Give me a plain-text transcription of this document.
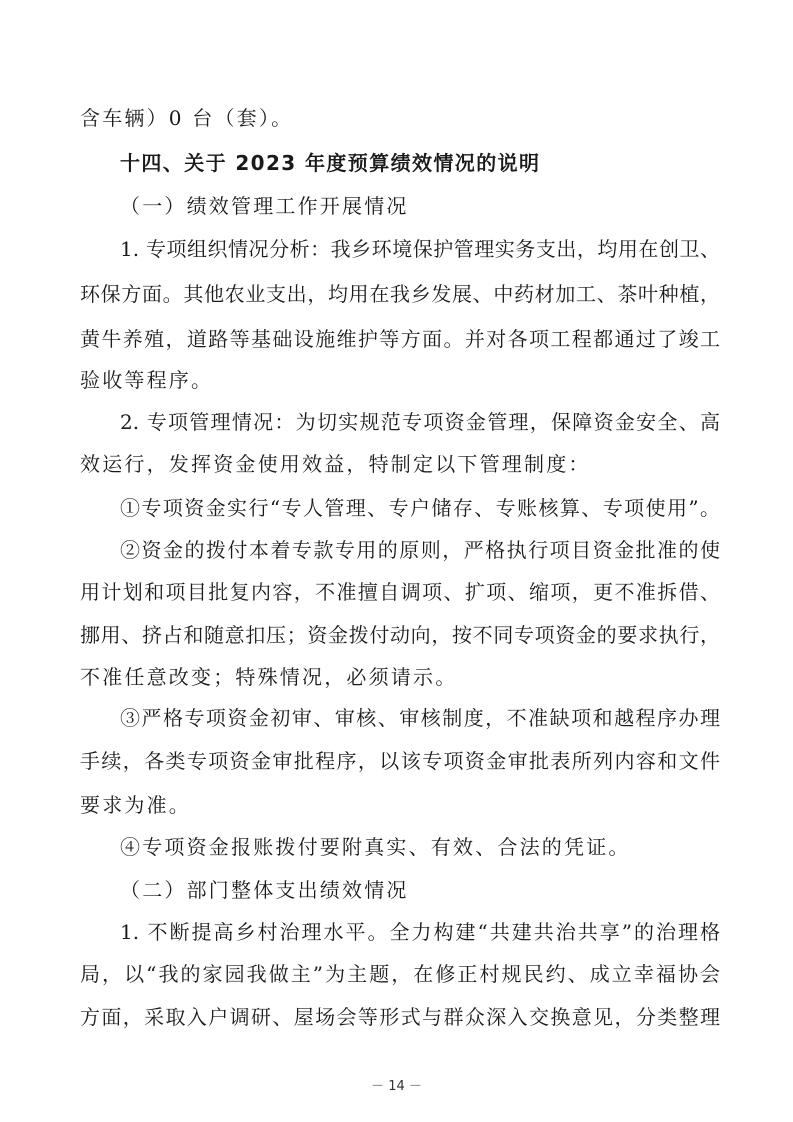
含车辆）0 台（套）。
十四、关于 2023 年度预算绩效情况的说明
（一）绩效管理工作开展情况
1. 专项组织情况分析：我乡环境保护管理实务支出，均用在创卫、
环保方面。其他农业支出，均用在我乡发展、中药材加工、茶叶种植，
黄牛养殖，道路等基础设施维护等方面。并对各项工程都通过了竣工
验收等程序。
2. 专项管理情况：为切实规范专项资金管理，保障资金安全、高
效运行，发挥资金使用效益，特制定以下管理制度：
①专项资金实行“专人管理、专户储存、专账核算、专项使用”。
②资金的拨付本着专款专用的原则，严格执行项目资金批准的使
用计划和项目批复内容，不准擅自调项、扩项、缩项，更不准拆借、
挪用、挤占和随意扣压；资金拨付动向，按不同专项资金的要求执行，
不准任意改变；特殊情况，必须请示。
③严格专项资金初审、审核、审核制度，不准缺项和越程序办理
手续，各类专项资金审批程序，以该专项资金审批表所列内容和文件
要求为准。
④专项资金报账拨付要附真实、有效、合法的凭证。
（二）部门整体支出绩效情况
1. 不断提高乡村治理水平。全力构建“共建共治共享”的治理格
局，以“我的家园我做主”为主题，在修正村规民约、成立幸福协会
方面，采取入户调研、屋场会等形式与群众深入交换意见，分类整理
－ 14 －
